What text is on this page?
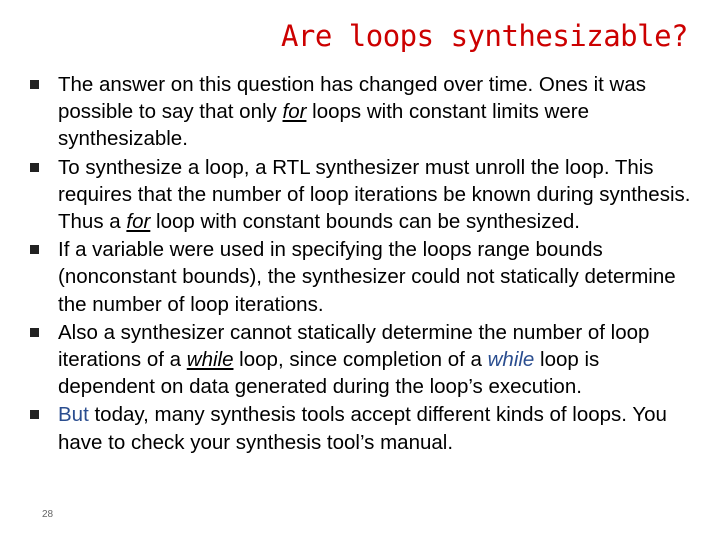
Are loops synthesizable?
The answer on this question has changed over time. Ones it was possible to say that only for loops with constant limits were synthesizable.
To synthesize a loop, a RTL synthesizer must unroll the loop. This requires that the number of loop iterations be known during synthesis. Thus a for loop with constant bounds can be synthesized.
If a variable were used in specifying the loops range bounds (nonconstant bounds), the synthesizer could not statically determine the number of loop iterations.
Also a synthesizer cannot statically determine the number of loop iterations of a while loop, since completion of a while loop is dependent on data generated during the loop’s execution.
But today, many synthesis tools accept different kinds of loops. You have to check your synthesis tool’s manual.
28
